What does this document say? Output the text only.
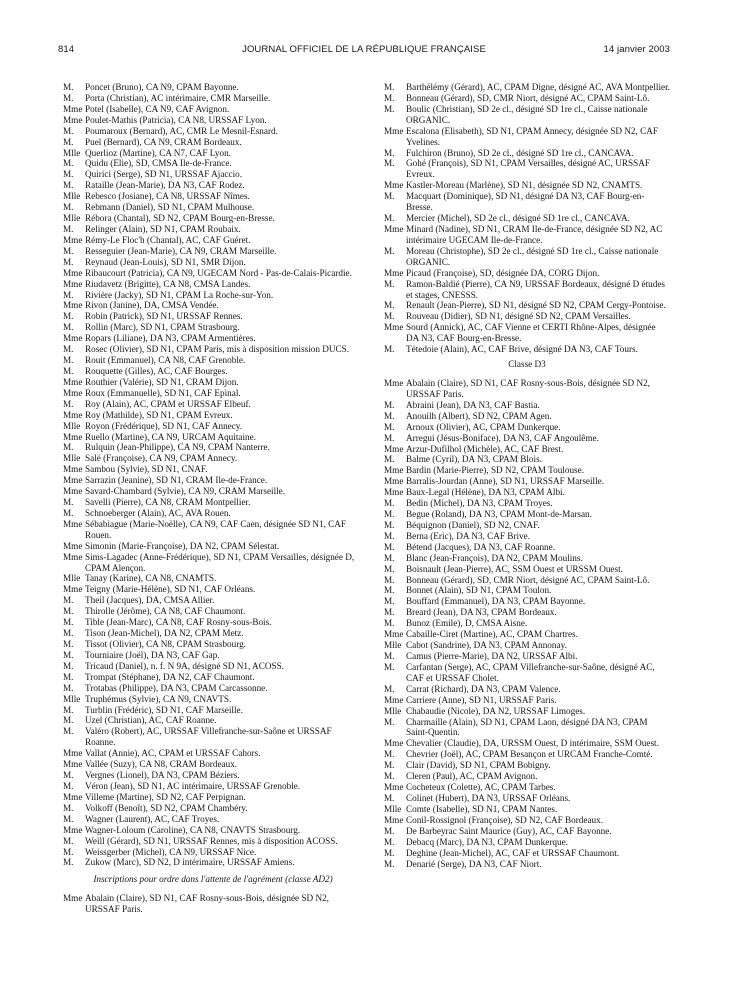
814	JOURNAL OFFICIEL DE LA RÉPUBLIQUE FRANÇAISE	14 janvier 2003

M. Poncet (Bruno), CA N9, CPAM Bayonne.

M. Porta (Christian), AC intérimaire, CMR Marseille.

Mme Potel (Isabelle), CA N9, CAF Avignon.

Mme Poulet-Mathis (Patricia), CA N8, URSSAF Lyon.

M. Poumaroux (Bernard), AC, CMR Le Mesnil-Esnard.

M. Puel (Bernard), CA N9, CRAM Bordeaux.

Mlle Querlioz (Martine), CA N7, CAF Lyon.

M. Quidu (Elie), SD, CMSA Ile-de-France.

M. Quirici (Serge), SD N1, URSSAF Ajaccio.

M. Rataille (Jean-Marie), DA N3, CAF Rodez.

Mlle Rebesco (Josiane), CA N8, URSSAF Nîmes.

M. Rebmann (Daniel), SD N1, CPAM Mulhouse.

Mlle Rébora (Chantal), SD N2, CPAM Bourg-en-Bresse.

M. Relinger (Alain), SD N1, CPAM Roubaix.

Mme Rémy-Le Floc'h (Chantal), AC, CAF Guéret.

M. Resseguier (Jean-Marie), CA N9, CRAM Marseille.

M. Reynaud (Jean-Louis), SD N1, SMR Dijon.

Mme Ribaucourt (Patricia), CA N9, UGECAM Nord - Pas-de-Calais-Picardie.

Mme Riudavetz (Brigitte), CA N8, CMSA Landes.

M. Rivière (Jacky), SD N1, CPAM La Roche-sur-Yon.

Mme Rivon (Janine), DA, CMSA Vendée.

M. Robin (Patrick), SD N1, URSSAF Rennes.

M. Rollin (Marc), SD N1, CPAM Strasbourg.

Mme Ropars (Liliane), DA N3, CPAM Armentières.

M. Rosec (Olivier), SD N1, CPAM Paris, mis à disposition mission DUCS.

M. Rouit (Emmanuel), CA N8, CAF Grenoble.

M. Rouquette (Gilles), AC, CAF Bourges.

Mme Routhier (Valérie), SD N1, CRAM Dijon.

Mme Roux (Emmanuelle), SD N1, CAF Epinal.

M. Roy (Alain), AC, CPAM et URSSAF Elbeuf.

Mme Roy (Mathilde), SD N1, CPAM Evreux.

Mlle Royon (Frédérique), SD N1, CAF Annecy.

Mme Ruello (Martine), CA N9, URCAM Aquitaine.

M. Rulquin (Jean-Philippe), CA N9, CPAM Nanterre.

Mlle Salé (Françoise), CA N9, CPAM Annecy.

Mme Sambou (Sylvie), SD N1, CNAF.

Mme Sarrazin (Jeanine), SD N1, CRAM Ile-de-France.

Mme Savard-Chambard (Sylvie), CA N9, CRAM Marseille.

M. Savelli (Pierre), CA N8, CRAM Montpellier.

M. Schnoeberger (Alain), AC, AVA Rouen.

Mme Sébabiague (Marie-Noëlle), CA N9, CAF Caen, désignée SD N1, CAF Rouen.

Mme Simonin (Marie-Françoise), DA N2, CPAM Sélestat.

Mme Sims-Lagadec (Anne-Frédérique), SD N1, CPAM Versailles, désignée D, CPAM Alençon.

Mlle Tanay (Karine), CA N8, CNAMTS.

Mme Teigny (Marie-Hélène), SD N1, CAF Orléans.

M. Theil (Jacques), DA, CMSA Allier.

M. Thirolle (Jérôme), CA N8, CAF Chaumont.

M. Tible (Jean-Marc), CA N8, CAF Rosny-sous-Bois.

M. Tison (Jean-Michel), DA N2, CPAM Metz.

M. Tissot (Olivier), CA N8, CPAM Strasbourg.

M. Tourniaire (Joël), DA N3, CAF Gap.

M. Tricaud (Daniel), n. f. N 9A, désigné SD N1, ACOSS.

M. Trompat (Stéphane), DA N2, CAF Chaumont.

M. Trotabas (Philippe), DA N3, CPAM Carcassonne.

Mlle Truphémus (Sylvie), CA N9, CNAVTS.

M. Turblin (Frédéric), SD N1, CAF Marseille.

M. Uzel (Christian), AC, CAF Roanne.

M. Valéro (Robert), AC, URSSAF Villefranche-sur-Saône et URSSAF Roanne.

Mme Vallat (Annie), AC, CPAM et URSSAF Cahors.

Mme Vallée (Suzy), CA N8, CRAM Bordeaux.

M. Vergnes (Lionel), DA N3, CPAM Béziers.

M. Véron (Jean), SD N1, AC intérimaire, URSSAF Grenoble.

Mme Villeme (Martine), SD N2, CAF Perpignan.

M. Volkoff (Benoît), SD N2, CPAM Chambéry.

M. Wagner (Laurent), AC, CAF Troyes.

Mme Wagner-Loloum (Caroline), CA N8, CNAVTS Strasbourg.

M. Weill (Gérard), SD N1, URSSAF Rennes, mis à disposition ACOSS.

M. Weissgerber (Michel), CA N9, URSSAF Nice.

M. Zukow (Marc), SD N2, D intérimaire, URSSAF Amiens.

Inscriptions pour ordre dans l'attente de l'agrément (classe AD2)

Mme Abalain (Claire), SD N1, CAF Rosny-sous-Bois, désignée SD N2, URSSAF Paris.

M. Barthélémy (Gérard), AC, CPAM Digne, désigné AC, AVA Montpellier.

M. Bonneau (Gérard), SD, CMR Niort, désigné AC, CPAM Saint-Lô.

M. Boulic (Christian), SD 2e cl., désigné SD 1re cl., Caisse nationale ORGANIC.

Mme Escalona (Elisabeth), SD N1, CPAM Annecy, désignée SD N2, CAF Yvelines.

M. Fulchiron (Bruno), SD 2e cl., désigné SD 1re cl., CANCAVA.

M. Gohé (François), SD N1, CPAM Versailles, désigné AC, URSSAF Evreux.

Mme Kastler-Moreau (Marlène), SD N1, désignée SD N2, CNAMTS.

M. Macquart (Dominique), SD N1, désigné DA N3, CAF Bourg-en-Bresse.

M. Mercier (Michel), SD 2e cl., désigné SD 1re cl., CANCAVA.

Mme Minard (Nadine), SD N1, CRAM Ile-de-France, désignée SD N2, AC intérimaire UGECAM Ile-de-France.

M. Moreau (Christophe), SD 2e cl., désigné SD 1re cl., Caisse nationale ORGANIC.

Mme Picaud (Françoise), SD, désignée DA, CORG Dijon.

M. Ramon-Baldié (Pierre), CA N9, URSSAF Bordeaux, désigné D études et stages, CNESSS.

M. Renault (Jean-Pierre), SD N1, désigné SD N2, CPAM Cergy-Pontoise.

M. Rouveau (Didier), SD N1, désigné SD N2, CPAM Versailles.

Mme Sourd (Annick), AC, CAF Vienne et CERTI Rhône-Alpes, désignée DA N3, CAF Bourg-en-Bresse.

M. Tétedoie (Alain), AC, CAF Brive, désigné DA N3, CAF Tours.

Classe D3

Mme Abalain (Claire), SD N1, CAF Rosny-sous-Bois, désignée SD N2, URSSAF Paris.

M. Abraini (Jean), DA N3, CAF Bastia.

M. Anouilh (Albert), SD N2, CPAM Agen.

M. Arnoux (Olivier), AC, CPAM Dunkerque.

M. Arregui (Jésus-Boniface), DA N3, CAF Angoulême.

Mme Arzur-Dufilhol (Michèle), AC, CAF Brest.

M. Balme (Cyril), DA N3, CPAM Blois.

Mme Bardin (Marie-Pierre), SD N2, CPAM Toulouse.

Mme Barralis-Jourdan (Anne), SD N1, URSSAF Marseille.

Mme Baux-Legal (Hélène), DA N3, CPAM Albi.

M. Bedin (Michel), DA N3, CPAM Troyes.

M. Begue (Roland), DA N3, CPAM Mont-de-Marsan.

M. Béquignon (Daniel), SD N2, CNAF.

M. Berna (Eric), DA N3, CAF Brive.

M. Bétend (Jacques), DA N3, CAF Roanne.

M. Blanc (Jean-François), DA N2, CPAM Moulins.

M. Boisnault (Jean-Pierre), AC, SSM Ouest et URSSM Ouest.

M. Bonneau (Gérard), SD, CMR Niort, désigné AC, CPAM Saint-Lô.

M. Bonnet (Alain), SD N1, CPAM Toulon.

M. Bouffard (Emmanuel), DA N3, CPAM Bayonne.

M. Breard (Jean), DA N3, CPAM Bordeaux.

M. Bunoz (Emile), D, CMSA Aisne.

Mme Cabaille-Ciret (Martine), AC, CPAM Chartres.

Mlle Cabot (Sandrine), DA N3, CPAM Annonay.

M. Camus (Pierre-Marie), DA N2, URSSAF Albi.

M. Carfantan (Serge), AC, CPAM Villefranche-sur-Saône, désigné AC, CAF et URSSAF Cholet.

M. Carrat (Richard), DA N3, CPAM Valence.

Mme Carriere (Anne), SD N1, URSSAF Paris.

Mlle Chabaudie (Nicole), DA N2, URSSAF Limoges.

M. Charmaille (Alain), SD N1, CPAM Laon, désigné DA N3, CPAM Saint-Quentin.

Mme Chevalier (Claudie), DA, URSSM Ouest, D intérimaire, SSM Ouest.

M. Chevrier (Joël), AC, CPAM Besançon et URCAM Franche-Comté.

M. Clair (David), SD N1, CPAM Bobigny.

M. Cleren (Paul), AC, CPAM Avignon.

Mme Cocheteux (Colette), AC, CPAM Tarbes.

M. Colinet (Hubert), DA N3, URSSAF Orléans.

Mlle Comte (Isabelle), SD N1, CPAM Nantes.

Mme Conil-Rossignol (Françoise), SD N2, CAF Bordeaux.

M. De Barbeyrac Saint Maurice (Guy), AC, CAF Bayonne.

M. Debacq (Marc), DA N3, CPAM Dunkerque.

M. Deghine (Jean-Michel), AC, CAF et URSSAF Chaumont.

M. Denarié (Serge), DA N3, CAF Niort.
